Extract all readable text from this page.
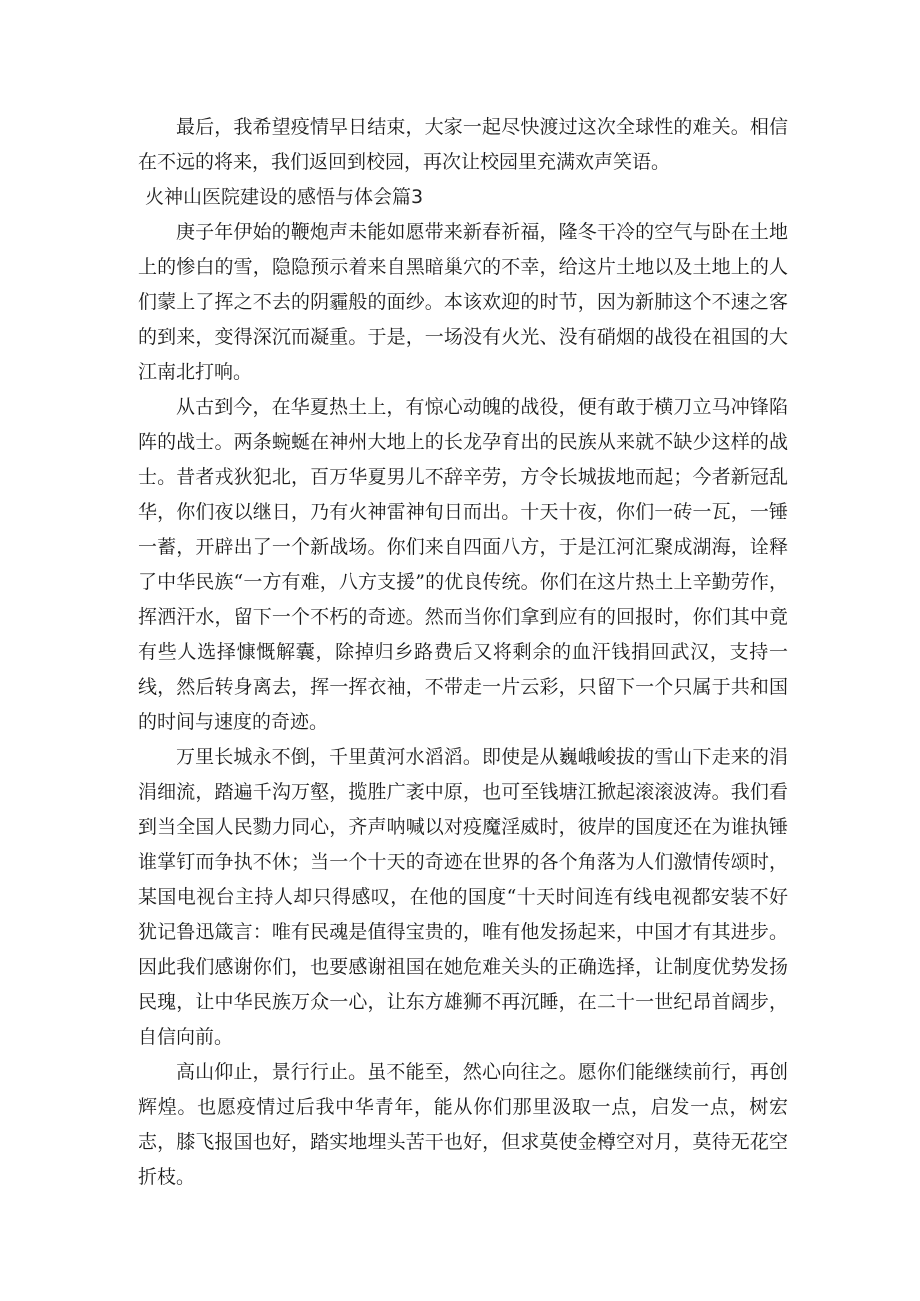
最后，我希望疫情早日结束，大家一起尽快渡过这次全球性的难关。相信在不远的将来，我们返回到校园，再次让校园里充满欢声笑语。

火神山医院建设的感悟与体会篇3

庚子年伊始的鞭炮声未能如愿带来新春祈福，隆冬干冷的空气与卧在土地上的惨白的雪，隐隐预示着来自黑暗巢穴的不幸，给这片土地以及土地上的人们蒙上了挥之不去的阴霾般的面纱。本该欢迎的时节，因为新肺这个不速之客的到来，变得深沉而凝重。于是，一场没有火光、没有硝烟的战役在祖国的大江南北打响。

从古到今，在华夏热土上，有惊心动魄的战役，便有敢于横刀立马冲锋陷阵的战士。两条蜿蜒在神州大地上的长龙孕育出的民族从来就不缺少这样的战士。昔者戎狄犯北，百万华夏男儿不辞辛劳，方令长城拔地而起；今者新冠乱华，你们夜以继日，乃有火神雷神旬日而出。十天十夜，你们一砖一瓦，一锤一蓄，开辟出了一个新战场。你们来自四面八方，于是江河汇聚成湖海，诠释了中华民族“一方有难，八方支援”的优良传统。你们在这片热土上辛勤劳作，挥洒汗水，留下一个不朽的奇迹。然而当你们拿到应有的回报时，你们其中竟有些人选择慷慨解囊，除掉归乡路费后又将剩余的血汗钱捐回武汉，支持一线，然后转身离去，挥一挥衣袖，不带走一片云彩，只留下一个只属于共和国的时间与速度的奇迹。

万里长城永不倒，千里黄河水滔滔。即使是从巍峨峻拔的雪山下走来的涓涓细流，踏遍千沟万壑，揽胜广袤中原，也可至钱塘江掀起滚滚波涛。我们看到当全国人民勠力同心，齐声呐喊以对疫魔淫威时，彼岸的国度还在为谁执锤谁掌钉而争执不休；当一个十天的奇迹在世界的各个角落为人们激情传颂时，某国电视台主持人却只得感叹，在他的国度“十天时间连有线电视都安装不好犹记鲁迅箴言：唯有民魂是值得宝贵的，唯有他发扬起来，中国才有其进步。因此我们感谢你们，也要感谢祖国在她危难关头的正确选择，让制度优势发扬民瑰，让中华民族万众一心，让东方雄狮不再沉睡，在二十一世纪昂首阔步，自信向前。

高山仰止，景行行止。虽不能至，然心向往之。愿你们能继续前行，再创辉煌。也愿疫情过后我中华青年，能从你们那里汲取一点，启发一点，树宏志，膝飞报国也好，踏实地埋头苦干也好，但求莫使金樽空对月，莫待无花空折枝。
